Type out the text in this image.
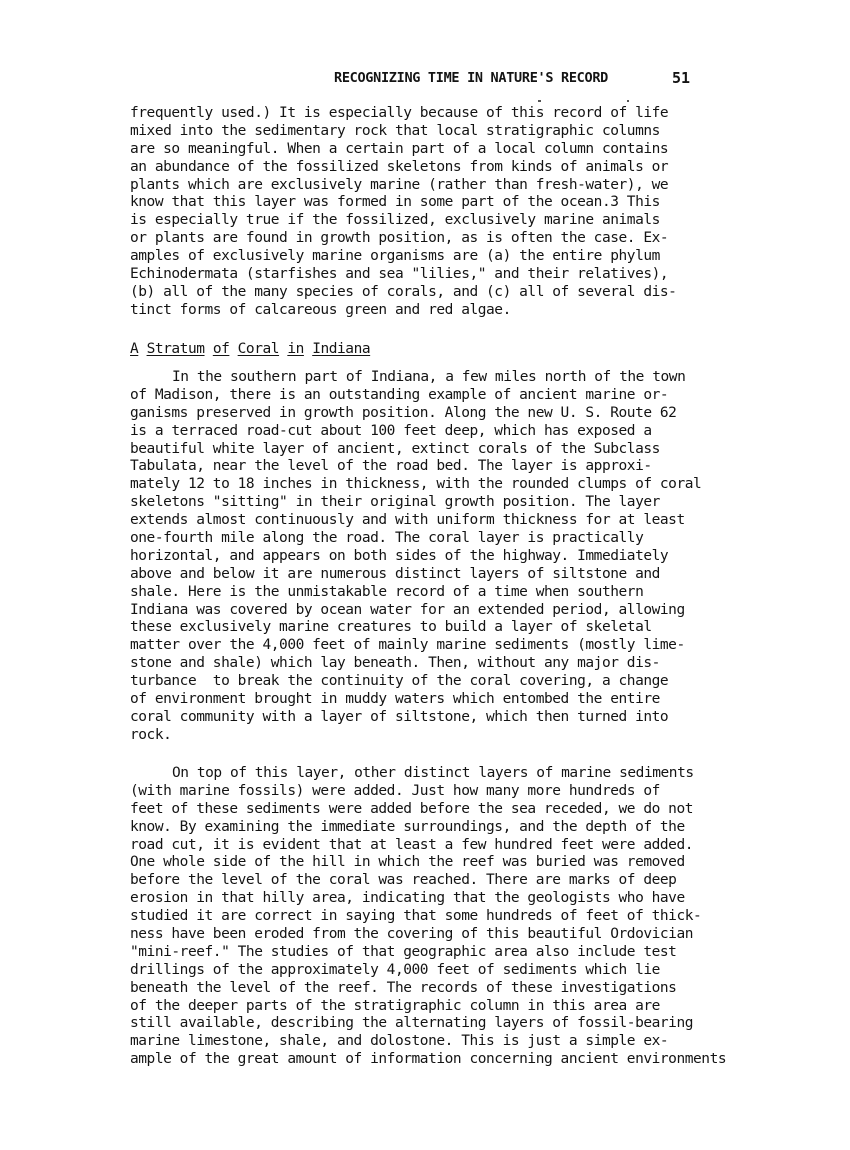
RECOGNIZING TIME IN NATURE'S RECORD

	51

frequently used.) It is especially because of this record of life
mixed into the sedimentary rock that local stratigraphic columns
are so meaningful. When a certain part of a local column contains
an abundance of the fossilized skeletons from kinds of animals or
plants which are exclusively marine (rather than fresh-water), we
know that this layer was formed in some part of the ocean.3 This
is especially true if the fossilized, exclusively marine animals
or plants are found in growth position, as is often the case. Ex-
amples of exclusively marine organisms are (a) the entire phylum
Echinodermata (starfishes and sea "lilies," and their relatives),
(b) all of the many species of corals, and (c) all of several dis-
tinct forms of calcareous green and red algae.
A Stratum of Coral in Indiana
In the southern part of Indiana, a few miles north of the town
of Madison, there is an outstanding example of ancient marine or-
ganisms preserved in growth position. Along the new U. S. Route 62
is a terraced road-cut about 100 feet deep, which has exposed a
beautiful white layer of ancient, extinct corals of the Subclass
Tabulata, near the level of the road bed. The layer is approxi-
mately 12 to 18 inches in thickness, with the rounded clumps of coral
skeletons "sitting" in their original growth position. The layer
extends almost continuously and with uniform thickness for at least
one-fourth mile along the road. The coral layer is practically
horizontal, and appears on both sides of the highway. Immediately
above and below it are numerous distinct layers of siltstone and
shale. Here is the unmistakable record of a time when southern
Indiana was covered by ocean water for an extended period, allowing
these exclusively marine creatures to build a layer of skeletal
matter over the 4,000 feet of mainly marine sediments (mostly lime-
stone and shale) which lay beneath. Then, without any major dis-
turbance  to break the continuity of the coral covering, a change
of environment brought in muddy waters which entombed the entire
coral community with a layer of siltstone, which then turned into
rock.
On top of this layer, other distinct layers of marine sediments
(with marine fossils) were added. Just how many more hundreds of
feet of these sediments were added before the sea receded, we do not
know. By examining the immediate surroundings, and the depth of the
road cut, it is evident that at least a few hundred feet were added.
One whole side of the hill in which the reef was buried was removed
before the level of the coral was reached. There are marks of deep
erosion in that hilly area, indicating that the geologists who have
studied it are correct in saying that some hundreds of feet of thick-
ness have been eroded from the covering of this beautiful Ordovician
"mini-reef." The studies of that geographic area also include test
drillings of the approximately 4,000 feet of sediments which lie
beneath the level of the reef. The records of these investigations
of the deeper parts of the stratigraphic column in this area are
still available, describing the alternating layers of fossil-bearing
marine limestone, shale, and dolostone. This is just a simple ex-
ample of the great amount of information concerning ancient environments
